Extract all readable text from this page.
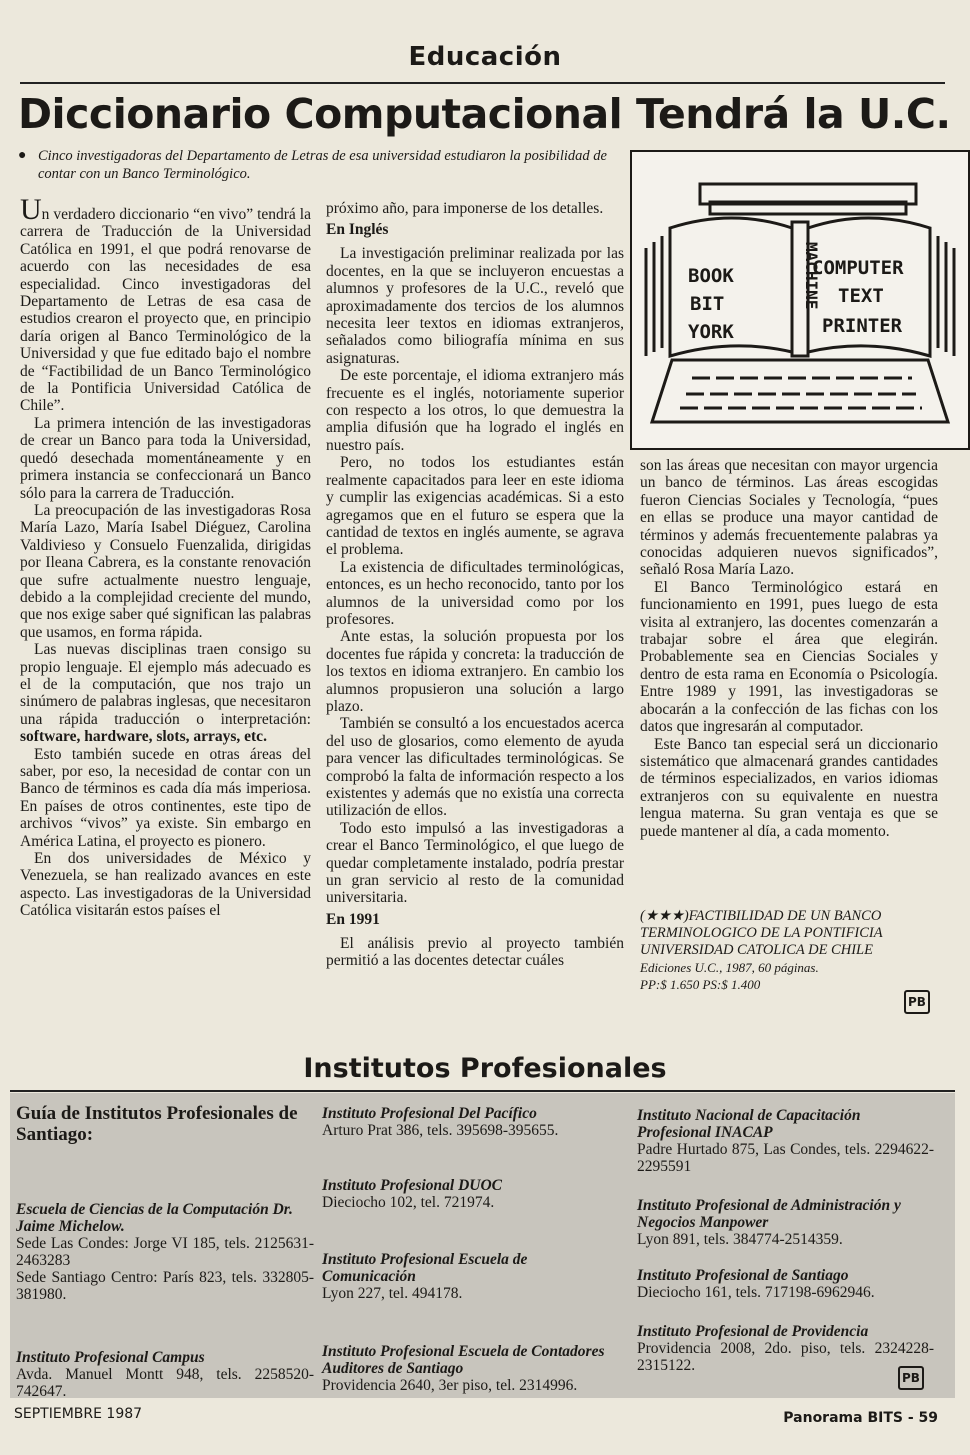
Educación
Diccionario Computacional Tendrá la U.C.
● Cinco investigadoras del Departamento de Letras de esa universidad estudiaron la posibilidad de contar con un Banco Terminológico.

Un verdadero diccionario “en vivo” tendrá la carrera de Traducción de la Universidad Católica en 1991, el que podrá renovarse de acuerdo con las necesidades de esa especialidad. Cinco investigadoras del Departamento de Letras de esa casa de estudios crearon el proyecto que, en principio daría origen al Banco Terminológico de la Universidad y que fue editado bajo el nombre de “Factibilidad de un Banco Terminológico de la Pontificia Universidad Católica de Chile”.

La primera intención de las investigadoras de crear un Banco para toda la Universidad, quedó desechada momentáneamente y en primera instancia se confeccionará un Banco sólo para la carrera de Traducción.

La preocupación de las investigadoras Rosa María Lazo, María Isabel Diéguez, Carolina Valdivieso y Consuelo Fuenzalida, dirigidas por Ileana Cabrera, es la constante renovación que sufre actualmente nuestro lenguaje, debido a la complejidad creciente del mundo, que nos exige saber qué significan las palabras que usamos, en forma rápida.

Las nuevas disciplinas traen consigo su propio lenguaje. El ejemplo más adecuado es el de la computación, que nos trajo un sinúmero de palabras inglesas, que necesitaron una rápida traducción o interpretación: software, hardware, slots, arrays, etc.

Esto también sucede en otras áreas del saber, por eso, la necesidad de contar con un Banco de términos es cada día más imperiosa. En países de otros continentes, este tipo de archivos “vivos” ya existe. Sin embargo en América Latina, el proyecto es pionero.

En dos universidades de México y Venezuela, se han realizado avances en este aspecto. Las investigadoras de la Universidad Católica visitarán estos países el

próximo año, para imponerse de los detalles.

En Inglés

La investigación preliminar realizada por las docentes, en la que se incluyeron encuestas a alumnos y profesores de la U.C., reveló que aproximadamente dos tercios de los alumnos necesita leer textos en idiomas extranjeros, señalados como biliografía mínima en sus asignaturas.

De este porcentaje, el idioma extranjero más frecuente es el inglés, notoriamente superior con respecto a los otros, lo que demuestra la amplia difusión que ha logrado el inglés en nuestro país.

Pero, no todos los estudiantes están realmente capacitados para leer en este idioma y cumplir las exigencias académicas. Si a esto agregamos que en el futuro se espera que la cantidad de textos en inglés aumente, se agrava el problema.

La existencia de dificultades terminológicas, entonces, es un hecho reconocido, tanto por los alumnos de la universidad como por los profesores.

Ante estas, la solución propuesta por los docentes fue rápida y concreta: la traducción de los textos en idioma extranjero. En cambio los alumnos propusieron una solución a largo plazo.

También se consultó a los encuestados acerca del uso de glosarios, como elemento de ayuda para vencer las dificultades terminológicas. Se comprobó la falta de información respecto a los existentes y además que no existía una correcta utilización de ellos.

Todo esto impulsó a las investigadoras a crear el Banco Terminológico, el que luego de quedar completamente instalado, podría prestar un gran servicio al resto de la comunidad universitaria.

En 1991

El análisis previo al proyecto también permitió a las docentes detectar cuáles

BOOK
BIT
YORK
COMPUTER
TEXT
PRINTER
MACHINE

son las áreas que necesitan con mayor urgencia un banco de términos. Las áreas escogidas fueron Ciencias Sociales y Tecnología, “pues en ellas se produce una mayor cantidad de términos y además frecuentemente palabras ya conocidas adquieren nuevos significados”, señaló Rosa María Lazo.

El Banco Terminológico estará en funcionamiento en 1991, pues luego de esta visita al extranjero, las docentes comenzarán a trabajar sobre el área que elegirán. Probablemente sea en Ciencias Sociales y dentro de esta rama en Economía o Psicología. Entre 1989 y 1991, las investigadoras se abocarán a la confección de las fichas con los datos que ingresarán al computador.

Este Banco tan especial será un diccionario sistemático que almacenará grandes cantidades de términos especializados, en varios idiomas extranjeros con su equivalente en nuestra lengua materna. Su gran ventaja es que se puede mantener al día, a cada momento.

(★★★)FACTIBILIDAD DE UN BANCO TERMINOLOGICO DE LA PONTIFICIA UNIVERSIDAD CATOLICA DE CHILE
Ediciones U.C., 1987, 60 páginas.
PP:$ 1.650 PS:$ 1.400
PB
Institutos Profesionales
Guía de Institutos Profesionales de Santiago:
Escuela de Ciencias de la Computación Dr. Jaime Michelow.
Sede Las Condes: Jorge VI 185, tels. 2125631- 2463283
Sede Santiago Centro: París 823, tels. 332805-381980.
Instituto Profesional Campus
Avda. Manuel Montt 948, tels. 2258520-742647.
Instituto Profesional Del Pacífico
Arturo Prat 386, tels. 395698-395655.
Instituto Profesional DUOC
Dieciocho 102, tel. 721974.
Instituto Profesional Escuela de Comunicación
Lyon 227, tel. 494178.
Instituto Profesional Escuela de Contadores Auditores de Santiago
Providencia 2640, 3er piso, tel. 2314996.
Instituto Nacional de Capacitación Profesional INACAP
Padre Hurtado 875, Las Condes, tels. 2294622-2295591
Instituto Profesional de Administración y Negocios Manpower
Lyon 891, tels. 384774-2514359.
Instituto Profesional de Santiago
Dieciocho 161, tels. 717198-6962946.
Instituto Profesional de Providencia
Providencia 2008, 2do. piso, tels. 2324228-2315122.
PB
SEPTIEMBRE 1987	Panorama BITS - 59
